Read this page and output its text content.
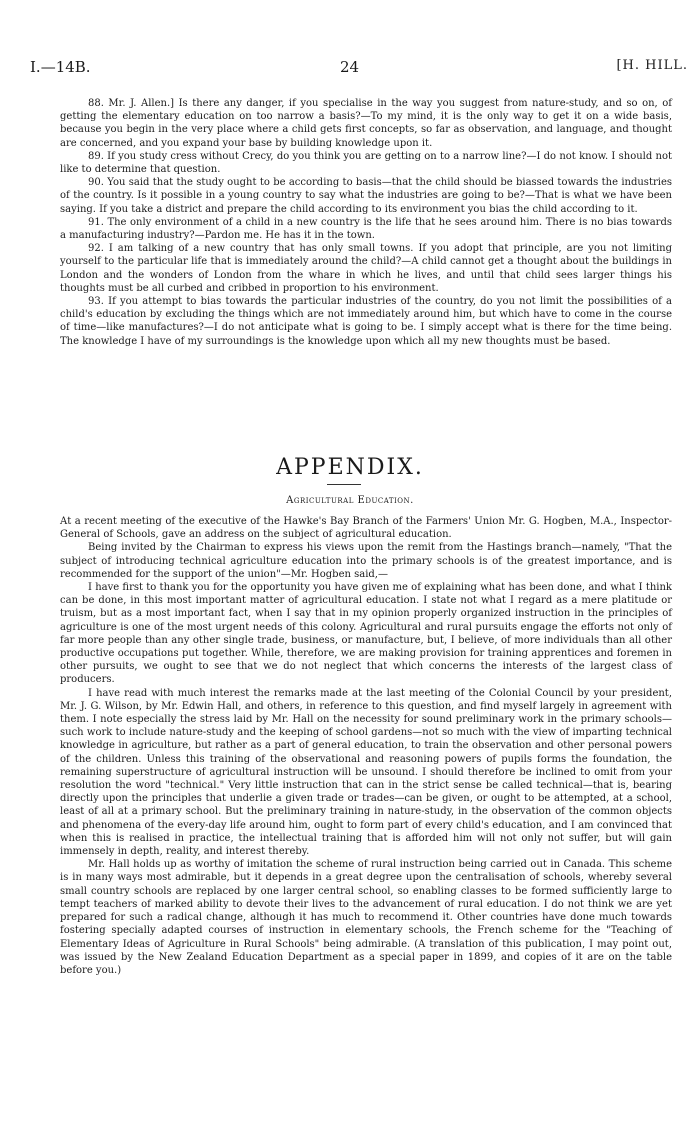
I.—14B.	24	[H. HILL.

88. Mr. J. Allen.] Is there any danger, if you specialise in the way you suggest from nature-study, and so on, of getting the elementary education on too narrow a basis?—To my mind, it is the only way to get it on a wide basis, because you begin in the very place where a child gets first concepts, so far as observation, and language, and thought are concerned, and you expand your base by building knowledge upon it.

89. If you study cress without Crecy, do you think you are getting on to a narrow line?—I do not know. I should not like to determine that question.

90. You said that the study ought to be according to basis—that the child should be biassed towards the industries of the country. Is it possible in a young country to say what the industries are going to be?—That is what we have been saying. If you take a district and prepare the child according to its environment you bias the child according to it.

91. The only environment of a child in a new country is the life that he sees around him. There is no bias towards a manufacturing industry?—Pardon me. He has it in the town.

92. I am talking of a new country that has only small towns. If you adopt that principle, are you not limiting yourself to the particular life that is immediately around the child?—A child cannot get a thought about the buildings in London and the wonders of London from the whare in which he lives, and until that child sees larger things his thoughts must be all curbed and cribbed in proportion to his environment.

93. If you attempt to bias towards the particular industries of the country, do you not limit the possibilities of a child's education by excluding the things which are not immediately around him, but which have to come in the course of time—like manufactures?—I do not anticipate what is going to be. I simply accept what is there for the time being. The knowledge I have of my surroundings is the knowledge upon which all my new thoughts must be based.

APPENDIX.
Agricultural Education.

At a recent meeting of the executive of the Hawke's Bay Branch of the Farmers' Union Mr. G. Hogben, M.A., Inspector-General of Schools, gave an address on the subject of agricultural education.

Being invited by the Chairman to express his views upon the remit from the Hastings branch—namely, "That the subject of introducing technical agriculture education into the primary schools is of the greatest importance, and is recommended for the support of the union"—Mr. Hogben said,—

I have first to thank you for the opportunity you have given me of explaining what has been done, and what I think can be done, in this most important matter of agricultural education. I state not what I regard as a mere platitude or truism, but as a most important fact, when I say that in my opinion properly organized instruction in the principles of agriculture is one of the most urgent needs of this colony. Agricultural and rural pursuits engage the efforts not only of far more people than any other single trade, business, or manufacture, but, I believe, of more individuals than all other productive occupations put together. While, therefore, we are making provision for training apprentices and foremen in other pursuits, we ought to see that we do not neglect that which concerns the interests of the largest class of producers.

I have read with much interest the remarks made at the last meeting of the Colonial Council by your president, Mr. J. G. Wilson, by Mr. Edwin Hall, and others, in reference to this question, and find myself largely in agreement with them. I note especially the stress laid by Mr. Hall on the necessity for sound preliminary work in the primary schools—such work to include nature-study and the keeping of school gardens—not so much with the view of imparting technical knowledge in agriculture, but rather as a part of general education, to train the observation and other personal powers of the children. Unless this training of the observational and reasoning powers of pupils forms the foundation, the remaining superstructure of agricultural instruction will be unsound. I should therefore be inclined to omit from your resolution the word "technical." Very little instruction that can in the strict sense be called technical—that is, bearing directly upon the principles that underlie a given trade or trades—can be given, or ought to be attempted, at a school, least of all at a primary school. But the preliminary training in nature-study, in the observation of the common objects and phenomena of the every-day life around him, ought to form part of every child's education, and I am convinced that when this is realised in practice, the intellectual training that is afforded him will not only not suffer, but will gain immensely in depth, reality, and interest thereby.

Mr. Hall holds up as worthy of imitation the scheme of rural instruction being carried out in Canada. This scheme is in many ways most admirable, but it depends in a great degree upon the centralisation of schools, whereby several small country schools are replaced by one larger central school, so enabling classes to be formed sufficiently large to tempt teachers of marked ability to devote their lives to the advancement of rural education. I do not think we are yet prepared for such a radical change, although it has much to recommend it. Other countries have done much towards fostering specially adapted courses of instruction in elementary schools, the French scheme for the "Teaching of Elementary Ideas of Agriculture in Rural Schools" being admirable. (A translation of this publication, I may point out, was issued by the New Zealand Education Department as a special paper in 1899, and copies of it are on the table before you.)
